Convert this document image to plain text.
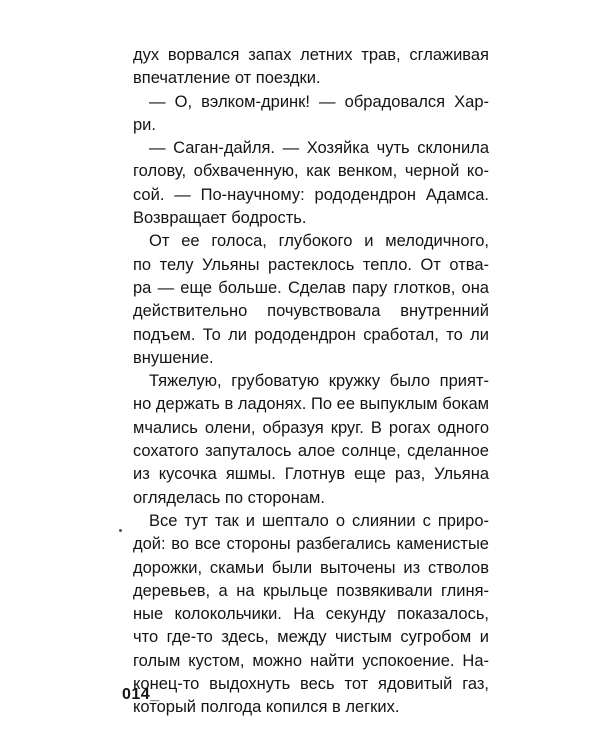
дух ворвался запах летних трав, сглаживая
впечатление от поездки.

— О, вэлком-дринк! — обрадовался Хар-
ри.

— Саган-дайля. — Хозяйка чуть склонила
голову, обхваченную, как венком, черной ко-
сой. — По-научному: рододендрон Адамса.
Возвращает бодрость.

От ее голоса, глубокого и мелодичного,
по телу Ульяны растеклось тепло. От отва-
ра — еще больше. Сделав пару глотков, она
действительно почувствовала внутренний
подъем. То ли рододендрон сработал, то ли
внушение.

Тяжелую, грубоватую кружку было прият-
но держать в ладонях. По ее выпуклым бокам
мчались олени, образуя круг. В рогах одного
сохатого запуталось алое солнце, сделанное
из кусочка яшмы. Глотнув еще раз, Ульяна
огляделась по сторонам.

Все тут так и шептало о слиянии с приро-
дой: во все стороны разбегались каменистые
дорожки, скамьи были выточены из стволов
деревьев, а на крыльце позвякивали глиня-
ные колокольчики. На секунду показалось,
что где-то здесь, между чистым сугробом и
голым кустом, можно найти успокоение. На-
конец-то выдохнуть весь тот ядовитый газ,
который полгода копился в легких.

014_
